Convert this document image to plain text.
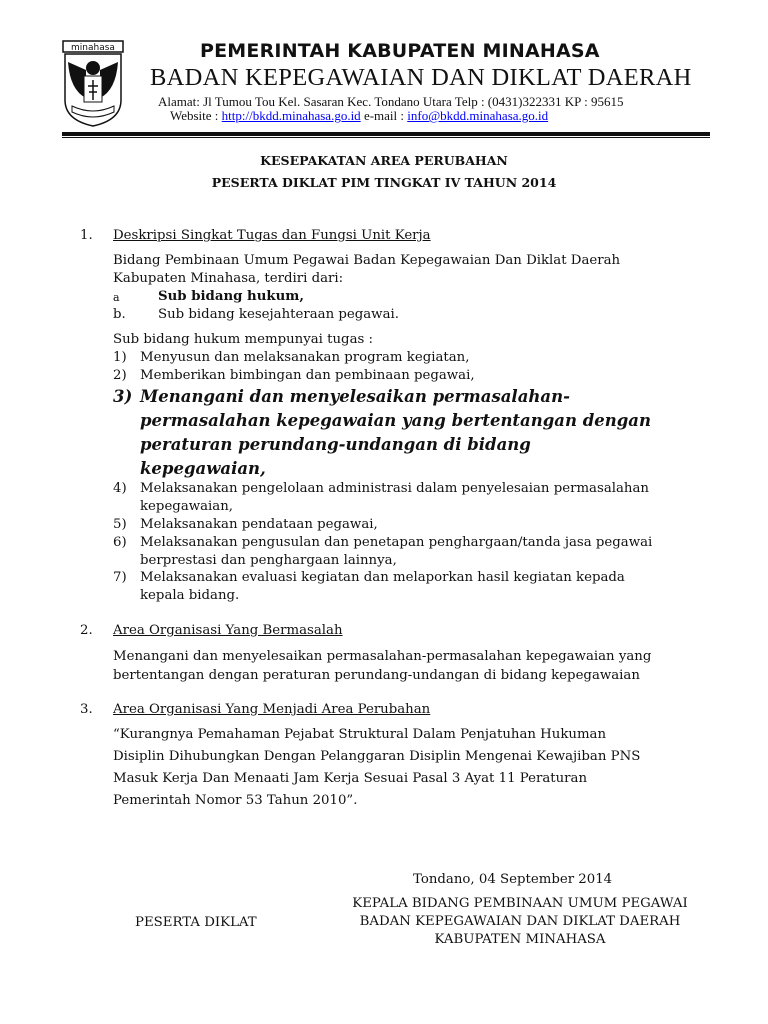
minahasa	PEMERINTAH KABUPATEN MINAHASA
BADAN KEPEGAWAIAN DAN DIKLAT DAERAH
Alamat: Jl Tumou Tou Kel. Sasaran Kec. Tondano Utara Telp : (0431)322331 KP : 95615
Website : http://bkdd.minahasa.go.id e-mail : info@bkdd.minahasa.go.id
KESEPAKATAN AREA PERUBAHAN
PESERTA DIKLAT PIM TINGKAT IV TAHUN 2014
1. Deskripsi Singkat Tugas dan Fungsi Unit Kerja
Bidang Pembinaan Umum Pegawai Badan Kepegawaian Dan Diklat Daerah
Kabupaten Minahasa, terdiri dari:
a	Sub bidang hukum,
b. Sub bidang kesejahteraan pegawai.
Sub bidang hukum mempunyai tugas :
1) Menyusun dan melaksanakan program kegiatan,
2) Memberikan bimbingan dan pembinaan pegawai,
3) Menangani dan menyelesaikan permasalahan-
permasalahan kepegawaian yang bertentangan dengan
peraturan perundang-undangan di bidang
kepegawaian,
4) Melaksanakan pengelolaan administrasi dalam penyelesaian permasalahan
kepegawaian,
5) Melaksanakan pendataan pegawai,
6) Melaksanakan pengusulan dan penetapan penghargaan/tanda jasa pegawai
berprestasi dan penghargaan lainnya,
7) Melaksanakan evaluasi kegiatan dan melaporkan hasil kegiatan kepada
kepala bidang.
2. Area Organisasi Yang Bermasalah
Menangani dan menyelesaikan permasalahan-permasalahan kepegawaian yang
bertentangan dengan peraturan perundang-undangan di bidang kepegawaian
3. Area Organisasi Yang Menjadi Area Perubahan
“Kurangnya Pemahaman Pejabat Struktural Dalam Penjatuhan Hukuman
Disiplin Dihubungkan Dengan Pelanggaran Disiplin Mengenai Kewajiban PNS
Masuk Kerja Dan Menaati Jam Kerja Sesuai Pasal 3 Ayat 11 Peraturan
Pemerintah Nomor 53 Tahun 2010”.
Tondano, 04 September 2014
PESERTA DIKLAT
KEPALA BIDANG PEMBINAAN UMUM PEGAWAI
BADAN KEPEGAWAIAN DAN DIKLAT DAERAH
KABUPATEN MINAHASA
